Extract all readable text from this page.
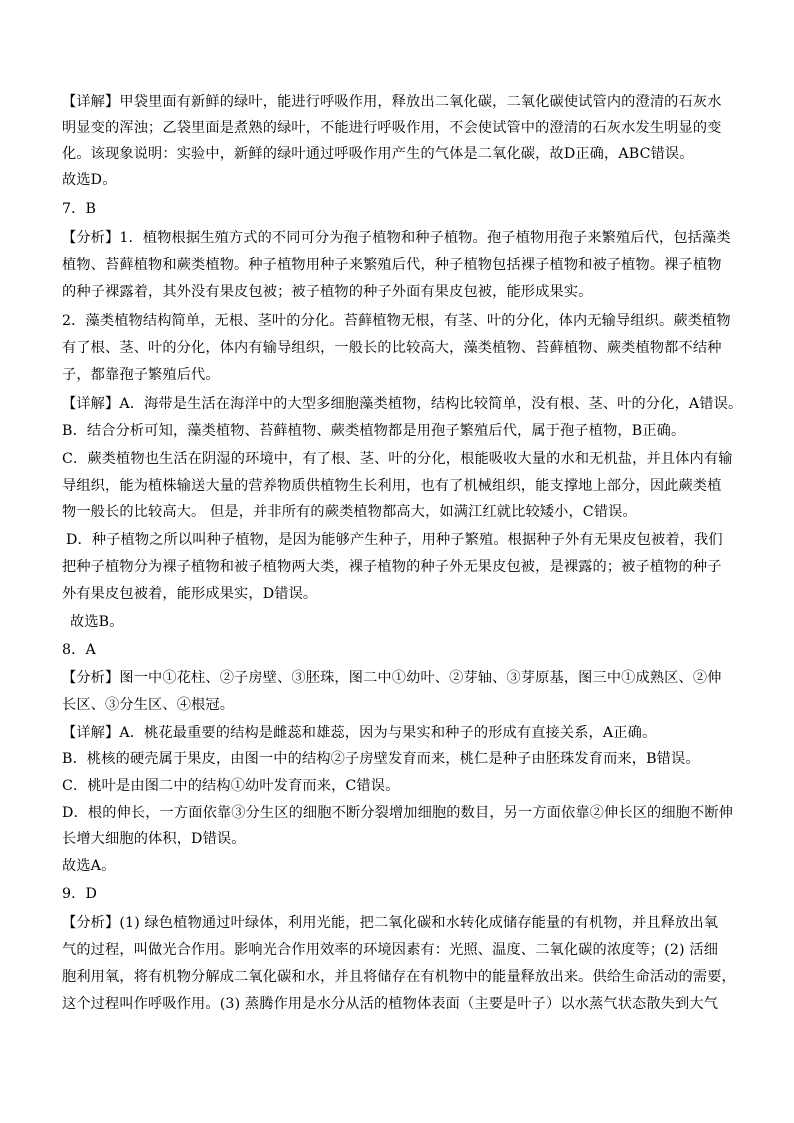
【详解】甲袋里面有新鲜的绿叶，能进行呼吸作用，释放出二氧化碳，二氧化碳使试管内的澄清的石灰水
明显变的浑浊；乙袋里面是煮熟的绿叶，不能进行呼吸作用，不会使试管中的澄清的石灰水发生明显的变
化。该现象说明：实验中，新鲜的绿叶通过呼吸作用产生的气体是二氧化碳，故D正确，ABC错误。
故选D。
7．B
【分析】1．植物根据生殖方式的不同可分为孢子植物和种子植物。孢子植物用孢子来繁殖后代，包括藻类
植物、苔藓植物和蕨类植物。种子植物用种子来繁殖后代，种子植物包括裸子植物和被子植物。裸子植物
的种子裸露着，其外没有果皮包被；被子植物的种子外面有果皮包被，能形成果实。
2．藻类植物结构简单，无根、茎叶的分化。苔藓植物无根，有茎、叶的分化，体内无输导组织。蕨类植物
有了根、茎、叶的分化，体内有输导组织，一般长的比较高大，藻类植物、苔藓植物、蕨类植物都不结种
子，都靠孢子繁殖后代。
【详解】A．海带是生活在海洋中的大型多细胞藻类植物，结构比较简单，没有根、茎、叶的分化，A错误。
B．结合分析可知，藻类植物、苔藓植物、蕨类植物都是用孢子繁殖后代，属于孢子植物，B正确。
C．蕨类植物也生活在阴湿的环境中，有了根、茎、叶的分化，根能吸收大量的水和无机盐，并且体内有输
导组织，能为植株输送大量的营养物质供植物生长利用，也有了机械组织，能支撑地上部分，因此蕨类植
物一般长的比较高大。 但是，并非所有的蕨类植物都高大，如满江红就比较矮小，C错误。
D．种子植物之所以叫种子植物，是因为能够产生种子，用种子繁殖。根据种子外有无果皮包被着，我们
把种子植物分为裸子植物和被子植物两大类，裸子植物的种子外无果皮包被，是裸露的；被子植物的种子
外有果皮包被着，能形成果实，D错误。
故选B。
8．A
【分析】图一中①花柱、②子房壁、③胚珠，图二中①幼叶、②芽轴、③芽原基，图三中①成熟区、②伸
长区、③分生区、④根冠。
【详解】A．桃花最重要的结构是雌蕊和雄蕊，因为与果实和种子的形成有直接关系，A正确。
B．桃核的硬壳属于果皮，由图一中的结构②子房壁发育而来，桃仁是种子由胚珠发育而来，B错误。
C．桃叶是由图二中的结构①幼叶发育而来，C错误。
D．根的伸长，一方面依靠③分生区的细胞不断分裂增加细胞的数目，另一方面依靠②伸长区的细胞不断伸
长增大细胞的体积，D错误。
故选A。
9．D
【分析】(1) 绿色植物通过叶绿体，利用光能，把二氧化碳和水转化成储存能量的有机物，并且释放出氧
气的过程，叫做光合作用。影响光合作用效率的环境因素有：光照、温度、二氧化碳的浓度等；(2) 活细
胞利用氧，将有机物分解成二氧化碳和水，并且将储存在有机物中的能量释放出来。供给生命活动的需要，
这个过程叫作呼吸作用。(3) 蒸腾作用是水分从活的植物体表面（主要是叶子）以水蒸气状态散失到大气
